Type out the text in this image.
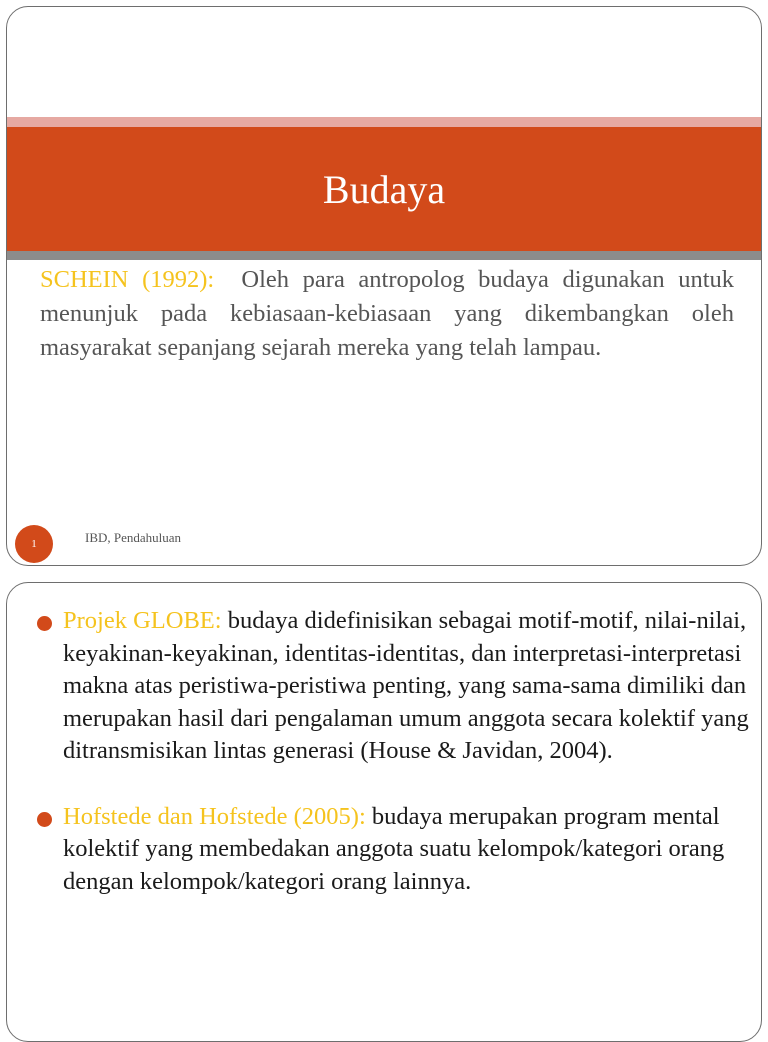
Budaya
SCHEIN (1992):  Oleh para antropolog budaya digunakan untuk menunjuk pada kebiasaan-kebiasaan yang dikembangkan oleh masyarakat sepanjang sejarah mereka yang telah lampau.
1	IBD, Pendahuluan
Projek GLOBE: budaya didefinisikan sebagai motif-motif, nilai-nilai, keyakinan-keyakinan, identitas-identitas, dan interpretasi-interpretasi makna atas peristiwa-peristiwa penting, yang sama-sama dimiliki dan  merupakan hasil dari pengalaman umum anggota secara kolektif yang ditransmisikan lintas generasi (House & Javidan, 2004).
Hofstede dan Hofstede (2005): budaya merupakan program mental kolektif yang membedakan anggota suatu kelompok/kategori orang dengan kelompok/kategori orang lainnya.
